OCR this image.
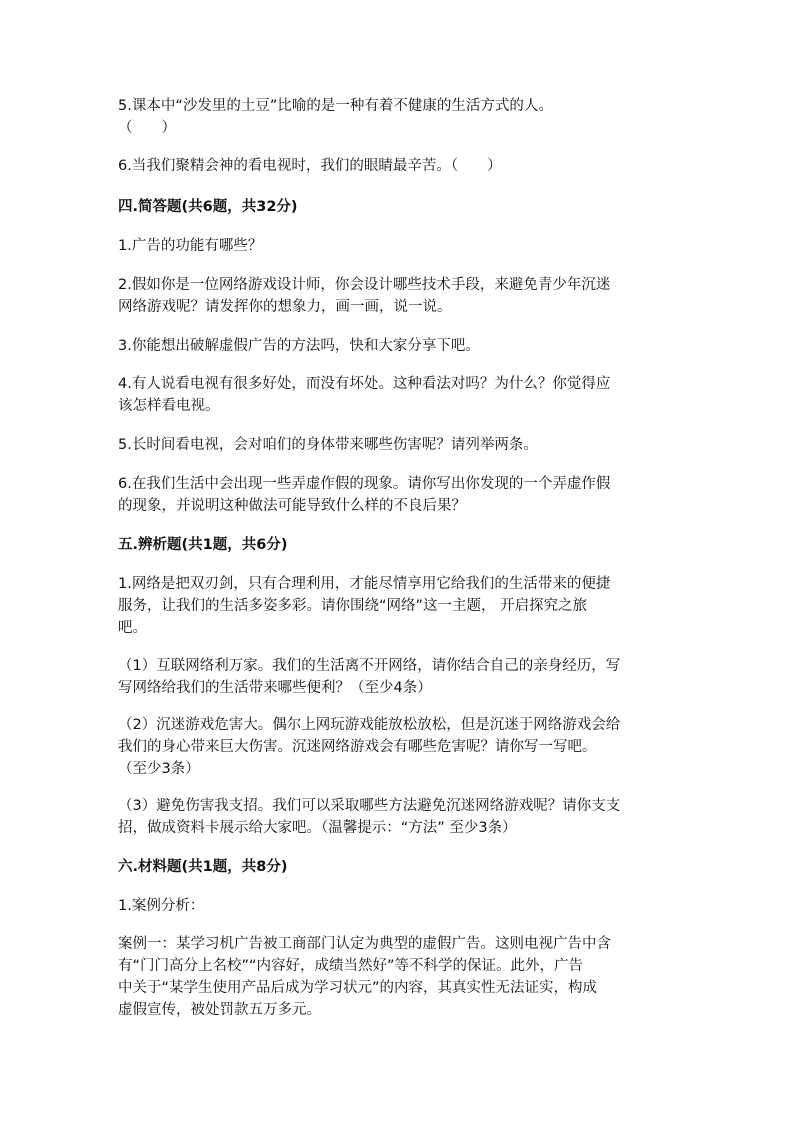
5.课本中“沙发里的土豆”比喻的是一种有着不健康的生活方式的人。
（　　）
6.当我们聚精会神的看电视时，我们的眼睛最辛苦。（　　）
四.简答题(共6题，共32分)
1.广告的功能有哪些？
2.假如你是一位网络游戏设计师，你会设计哪些技术手段，来避免青少年沉迷
网络游戏呢？请发挥你的想象力，画一画，说一说。
3.你能想出破解虚假广告的方法吗，快和大家分享下吧。
4.有人说看电视有很多好处，而没有坏处。这种看法对吗？为什么？你觉得应
该怎样看电视。
5.长时间看电视，会对咱们的身体带来哪些伤害呢？请列举两条。
6.在我们生活中会出现一些弄虚作假的现象。请你写出你发现的一个弄虚作假
的现象，并说明这种做法可能导致什么样的不良后果？
五.辨析题(共1题，共6分)
1.网络是把双刃剑，只有合理利用，才能尽情享用它给我们的生活带来的便捷
服务，让我们的生活多姿多彩。请你围绕“网络”这一主题， 开启探究之旅
吧。
（1）互联网络利万家。我们的生活离不开网络，请你结合自己的亲身经历，写
写网络给我们的生活带来哪些便利？（至少4条）
（2）沉迷游戏危害大。偶尔上网玩游戏能放松放松，但是沉迷于网络游戏会给
我们的身心带来巨大伤害。沉迷网络游戏会有哪些危害呢？请你写一写吧。
（至少3条）
（3）避免伤害我支招。我们可以采取哪些方法避免沉迷网络游戏呢？请你支支
招，做成资料卡展示给大家吧。（温馨提示：“方法” 至少3条）
六.材料题(共1题，共8分)
1.案例分析：
案例一：某学习机广告被工商部门认定为典型的虚假广告。这则电视广告中含
有“门门高分上名校”“内容好，成绩当然好”等不科学的保证。此外，广告
中关于“某学生使用产品后成为学习状元”的内容，其真实性无法证实，构成
虚假宣传，被处罚款五万多元。
